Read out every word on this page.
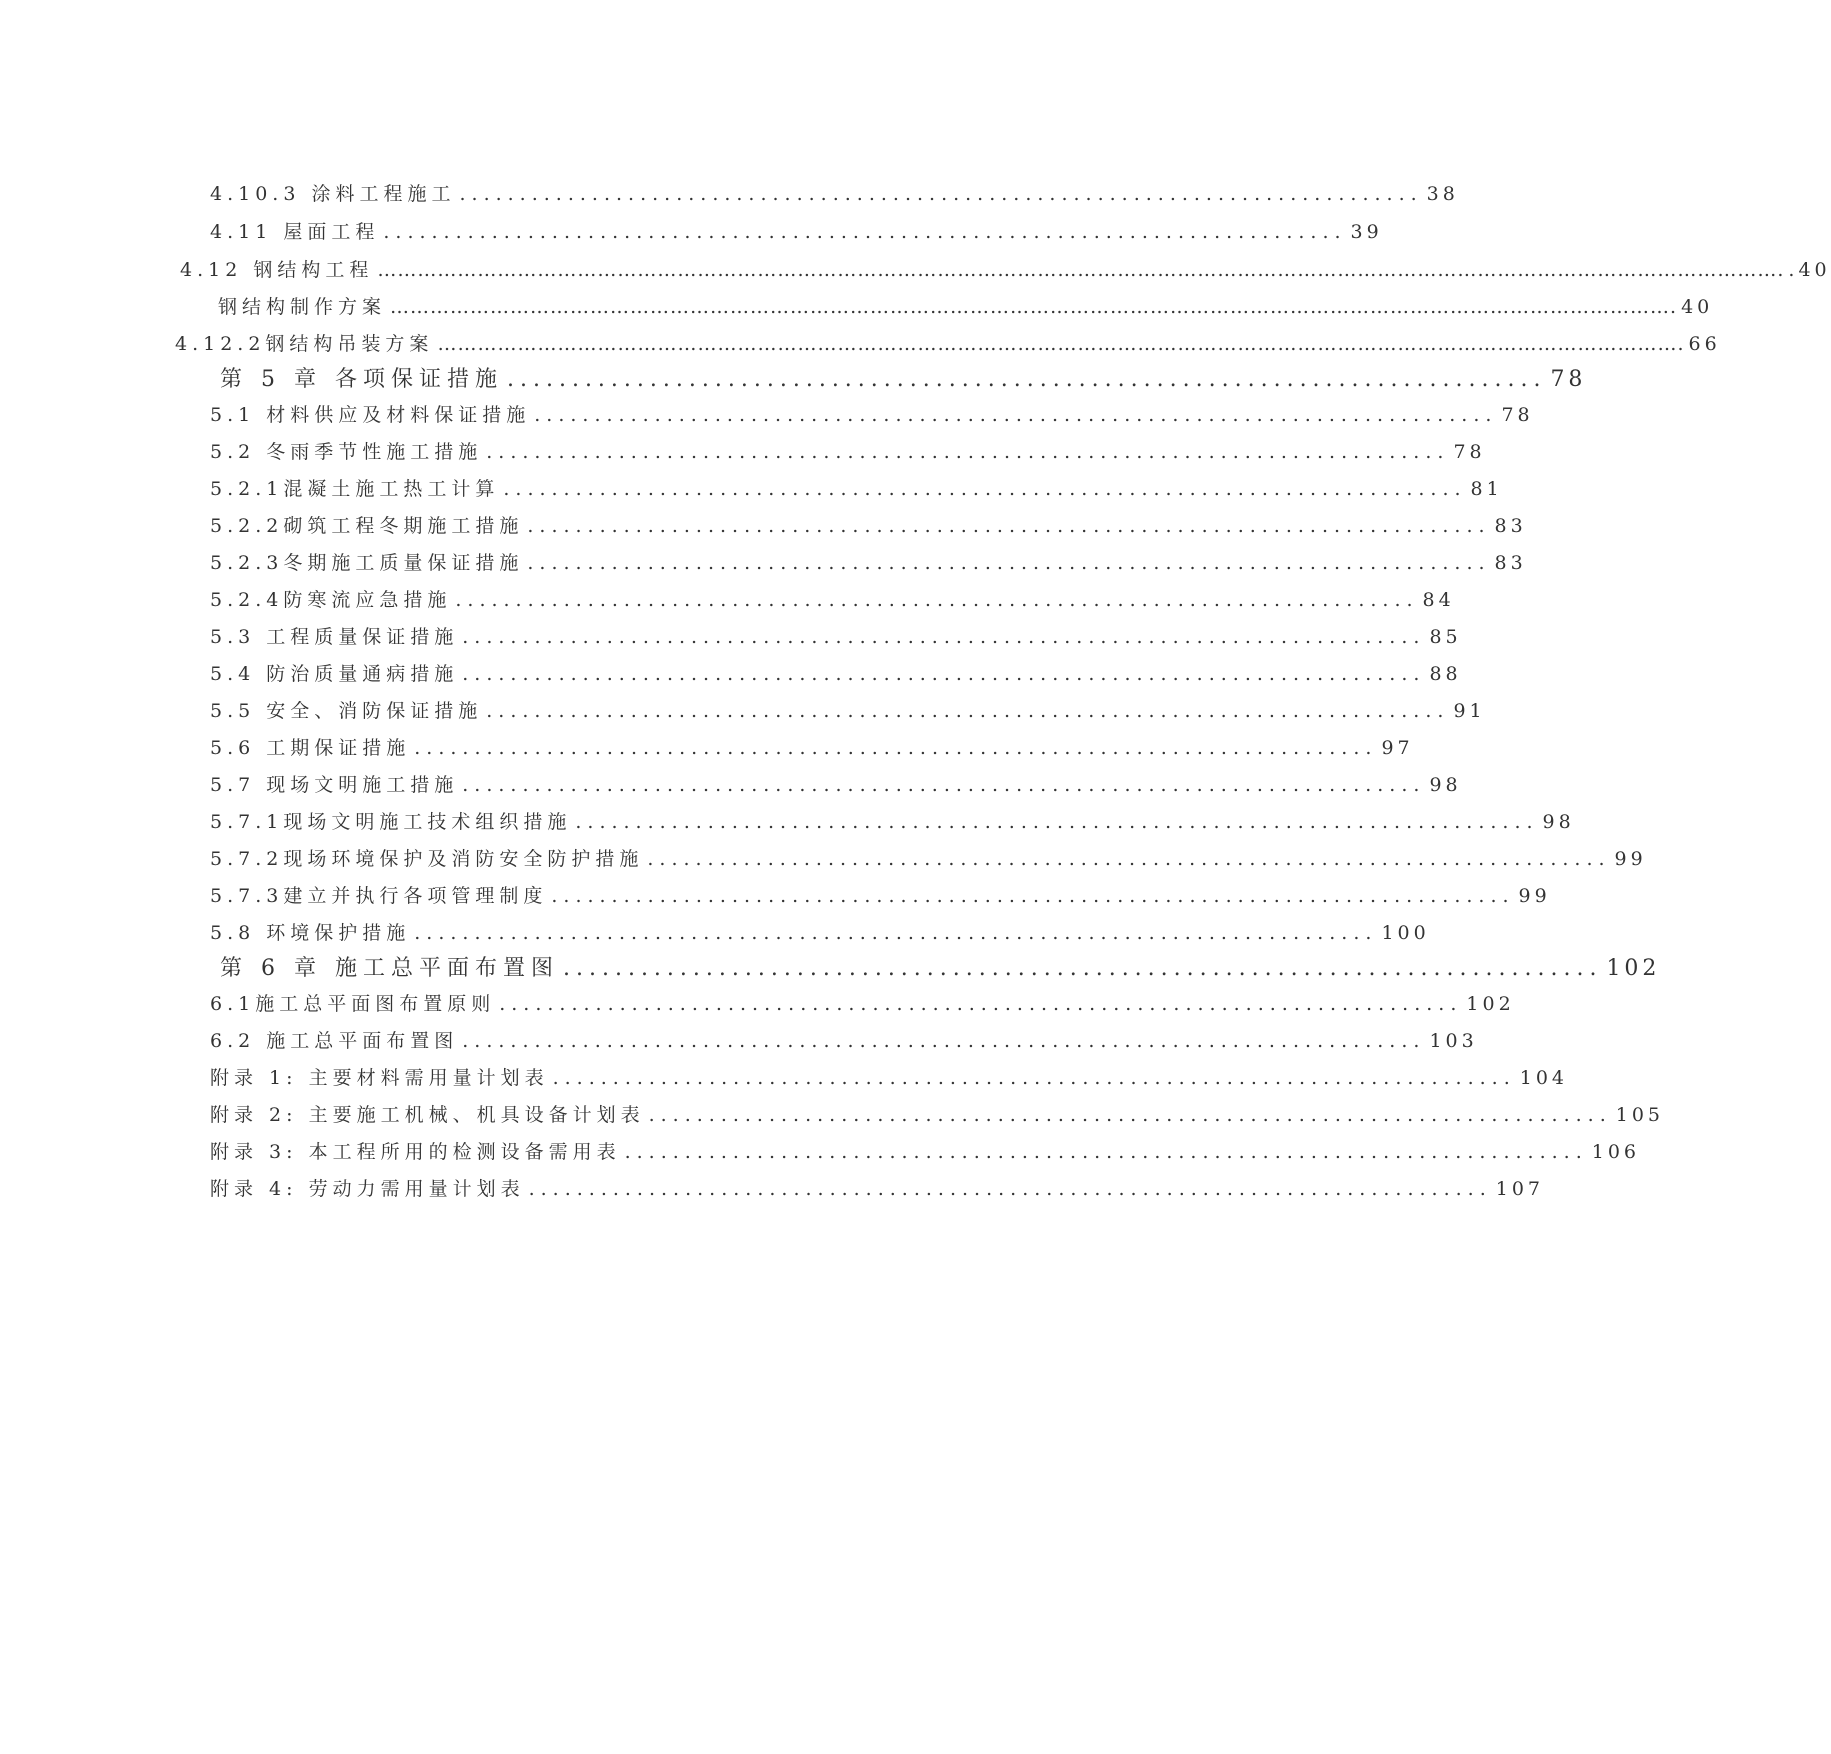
4.10.3 涂料工程施工 ................................................................................ 38
4.11 屋面工程 ................................................................................ 39
4.12 钢结构工程 …………………………………………………………………………………………………………………………………………………………………………………………. .40
钢结构制作方案 …………………………………………………………………………………………………………………………………………………………………………. 40
4.12.2钢结构吊装方案 ……………………………………………………………………………………………………………………………………………………………………. 66
第 5 章 各项保证措施 ................................................................................ 78
5.1 材料供应及材料保证措施 ................................................................................ 78
5.2 冬雨季节性施工措施 ................................................................................ 78
5.2.1混凝土施工热工计算 ................................................................................ 81
5.2.2砌筑工程冬期施工措施 ................................................................................ 83
5.2.3冬期施工质量保证措施 ................................................................................ 83
5.2.4防寒流应急措施 ................................................................................ 84
5.3 工程质量保证措施 ................................................................................ 85
5.4 防治质量通病措施 ................................................................................ 88
5.5 安全、消防保证措施 ................................................................................ 91
5.6 工期保证措施 ................................................................................ 97
5.7 现场文明施工措施 ................................................................................ 98
5.7.1现场文明施工技术组织措施 ................................................................................ 98
5.7.2现场环境保护及消防安全防护措施 ................................................................................ 99
5.7.3建立并执行各项管理制度 ................................................................................ 99
5.8 环境保护措施 ................................................................................ 100
第 6 章 施工总平面布置图 ................................................................................ 102
6.1施工总平面图布置原则 ................................................................................ 102
6.2 施工总平面布置图 ................................................................................ 103
附录 1: 主要材料需用量计划表 ................................................................................ 104
附录 2: 主要施工机械、机具设备计划表 ................................................................................ 105
附录 3: 本工程所用的检测设备需用表 ................................................................................ 106
附录 4: 劳动力需用量计划表 ................................................................................ 107
